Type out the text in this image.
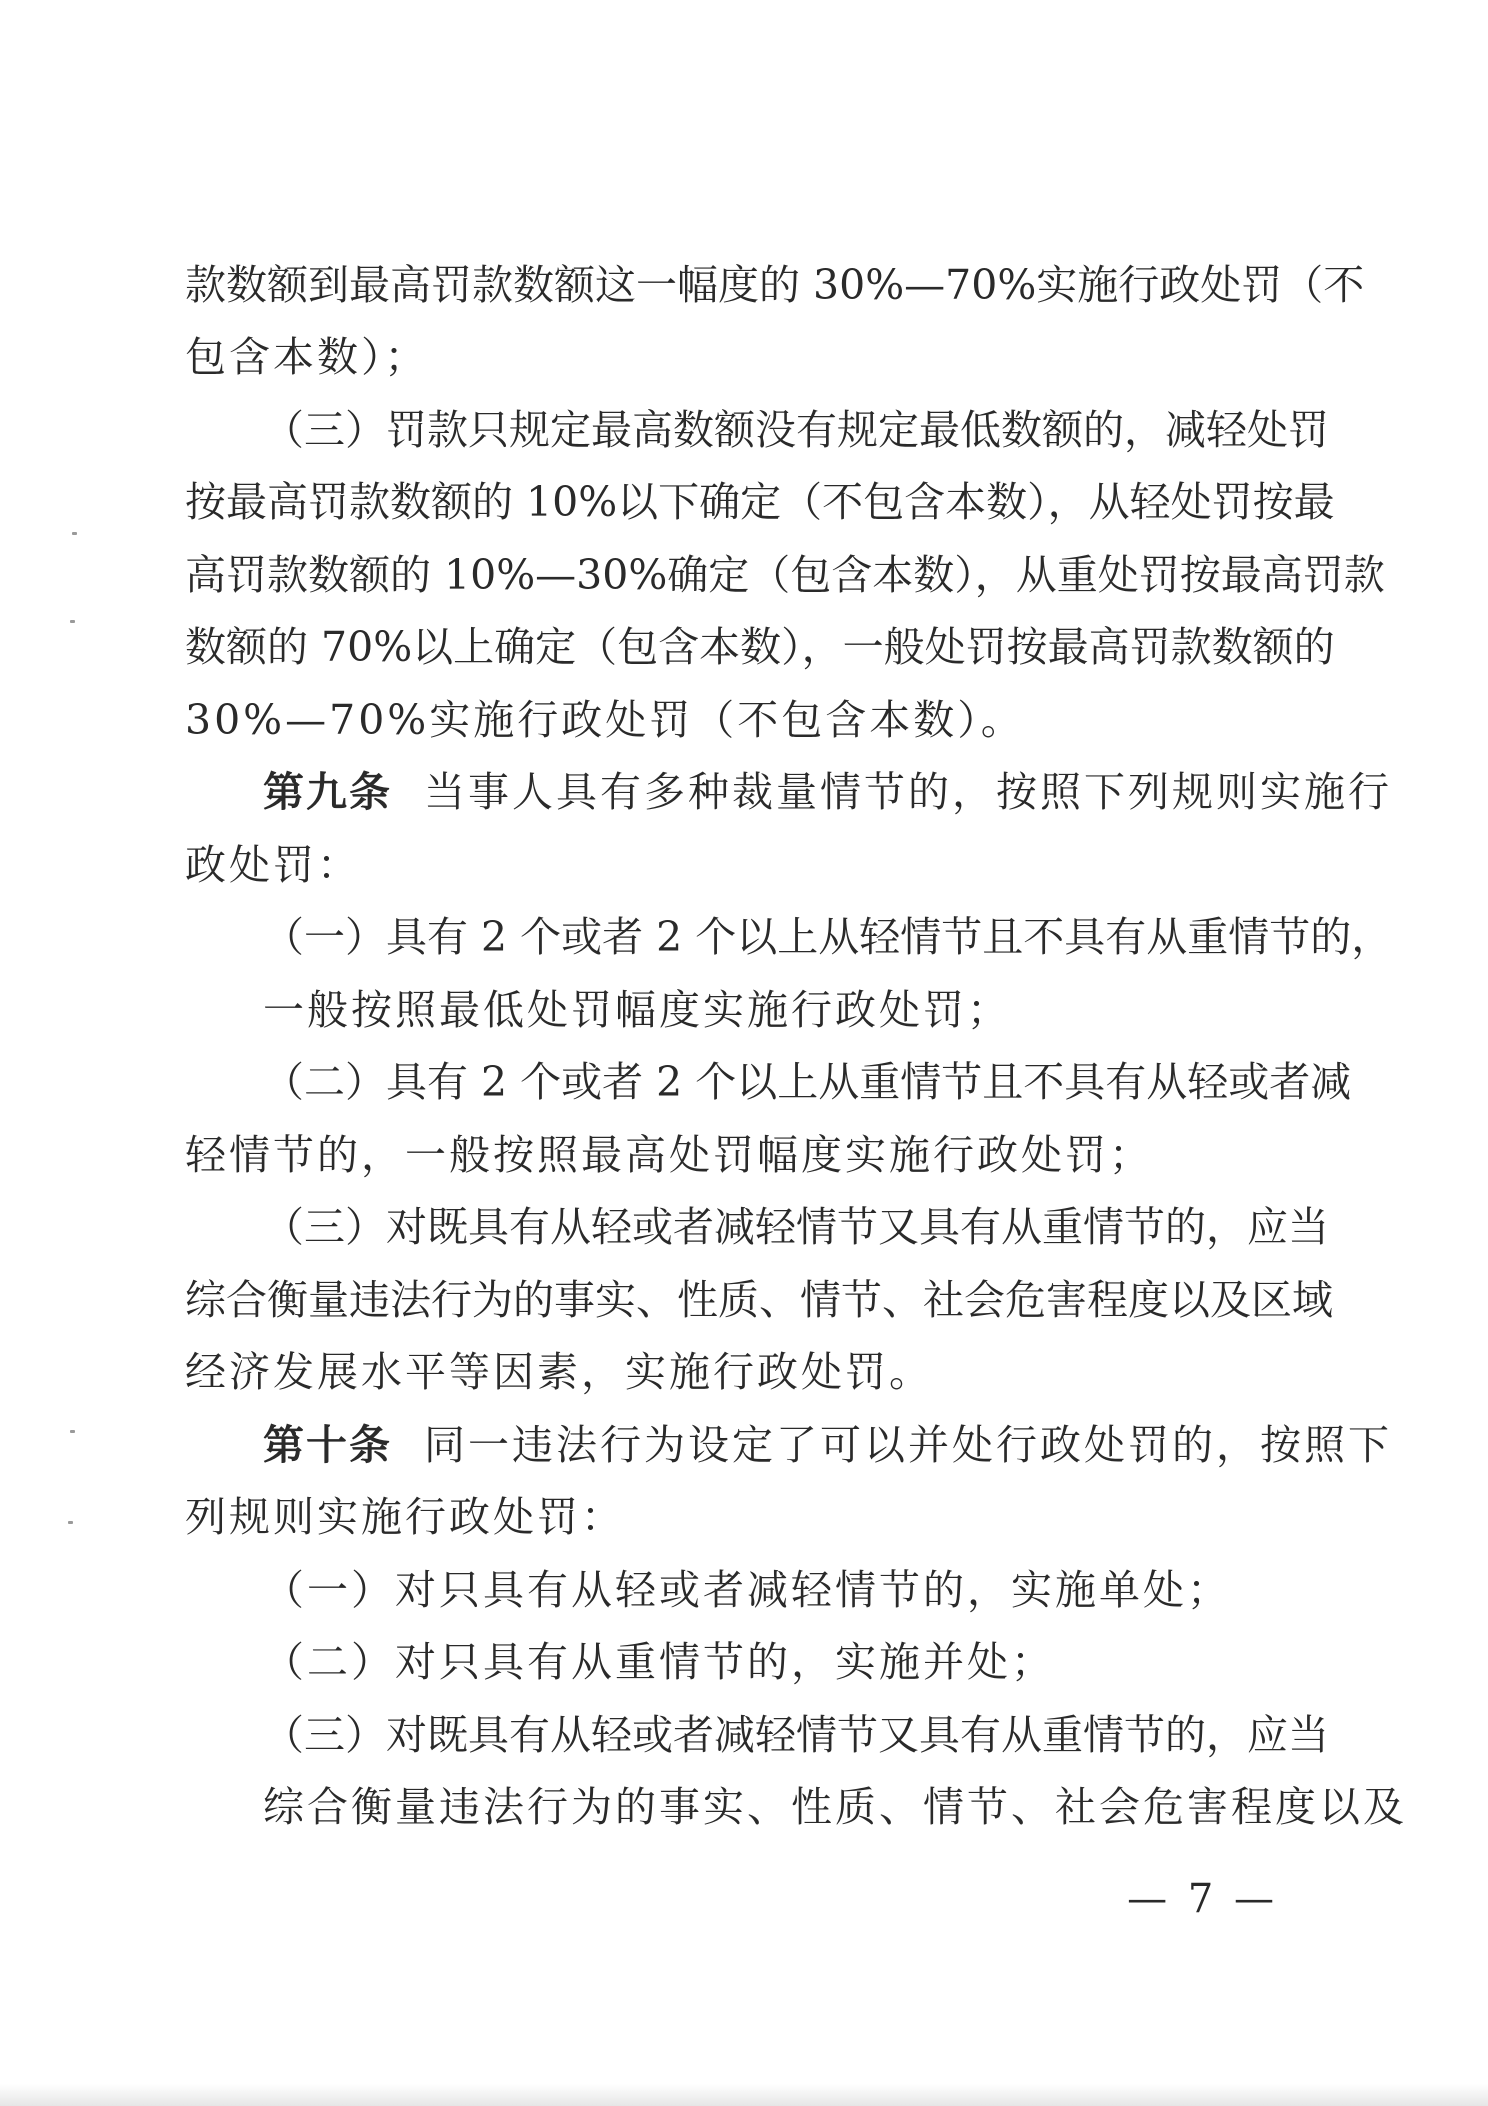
款数额到最高罚款数额这一幅度的 30%—70%实施行政处罚（不
包含本数）；
（三）罚款只规定最高数额没有规定最低数额的，减轻处罚
按最高罚款数额的 10%以下确定（不包含本数），从轻处罚按最
高罚款数额的 10%—30%确定（包含本数），从重处罚按最高罚款
数额的 70%以上确定（包含本数），一般处罚按最高罚款数额的
30%—70%实施行政处罚（不包含本数）。
第九条 当事人具有多种裁量情节的，按照下列规则实施行
政处罚：
（一）具有 2 个或者 2 个以上从轻情节且不具有从重情节的，
一般按照最低处罚幅度实施行政处罚；
（二）具有 2 个或者 2 个以上从重情节且不具有从轻或者减
轻情节的，一般按照最高处罚幅度实施行政处罚；
（三）对既具有从轻或者减轻情节又具有从重情节的，应当
综合衡量违法行为的事实、性质、情节、社会危害程度以及区域
经济发展水平等因素，实施行政处罚。
第十条 同一违法行为设定了可以并处行政处罚的，按照下
列规则实施行政处罚：
（一）对只具有从轻或者减轻情节的，实施单处；
（二）对只具有从重情节的，实施并处；
（三）对既具有从轻或者减轻情节又具有从重情节的，应当
综合衡量违法行为的事实、性质、情节、社会危害程度以及
— 7 —
